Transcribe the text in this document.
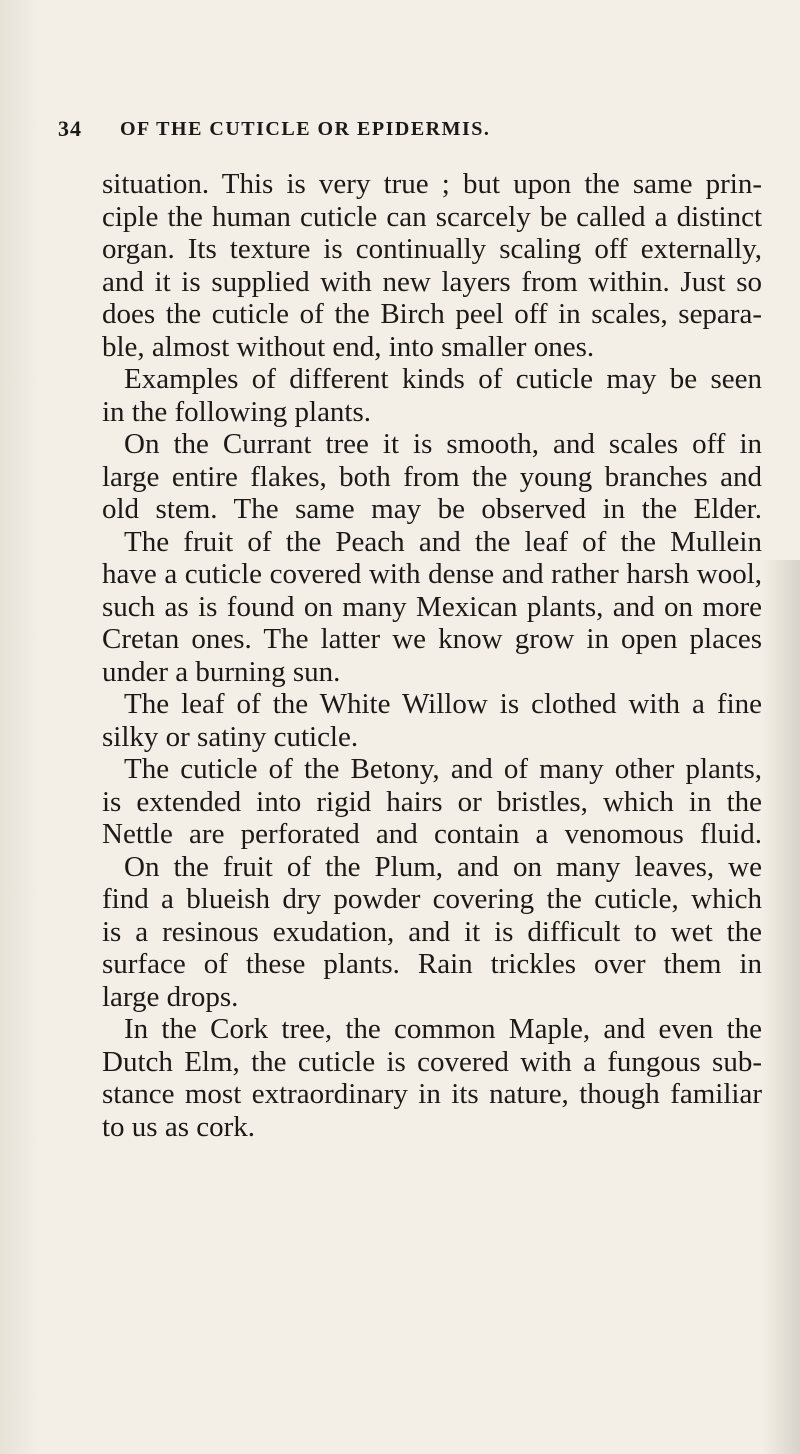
34 OF THE CUTICLE OR EPIDERMIS.
situation. This is very true ; but upon the same prin-
ciple the human cuticle can scarcely be called a distinct
organ. Its texture is continually scaling off externally,
and it is supplied with new layers from within. Just so
does the cuticle of the Birch peel off in scales, separa-
ble, almost without end, into smaller ones.
Examples of different kinds of cuticle may be seen
in the following plants.
On the Currant tree it is smooth, and scales off in
large entire flakes, both from the young branches and
old stem. The same may be observed in the Elder.
The fruit of the Peach and the leaf of the Mullein
have a cuticle covered with dense and rather harsh wool,
such as is found on many Mexican plants, and on more
Cretan ones. The latter we know grow in open places
under a burning sun.
The leaf of the White Willow is clothed with a fine
silky or satiny cuticle.
The cuticle of the Betony, and of many other plants,
is extended into rigid hairs or bristles, which in the
Nettle are perforated and contain a venomous fluid.
On the fruit of the Plum, and on many leaves, we
find a blueish dry powder covering the cuticle, which
is a resinous exudation, and it is difficult to wet the
surface of these plants. Rain trickles over them in
large drops.
In the Cork tree, the common Maple, and even the
Dutch Elm, the cuticle is covered with a fungous sub-
stance most extraordinary in its nature, though familiar
to us as cork.
